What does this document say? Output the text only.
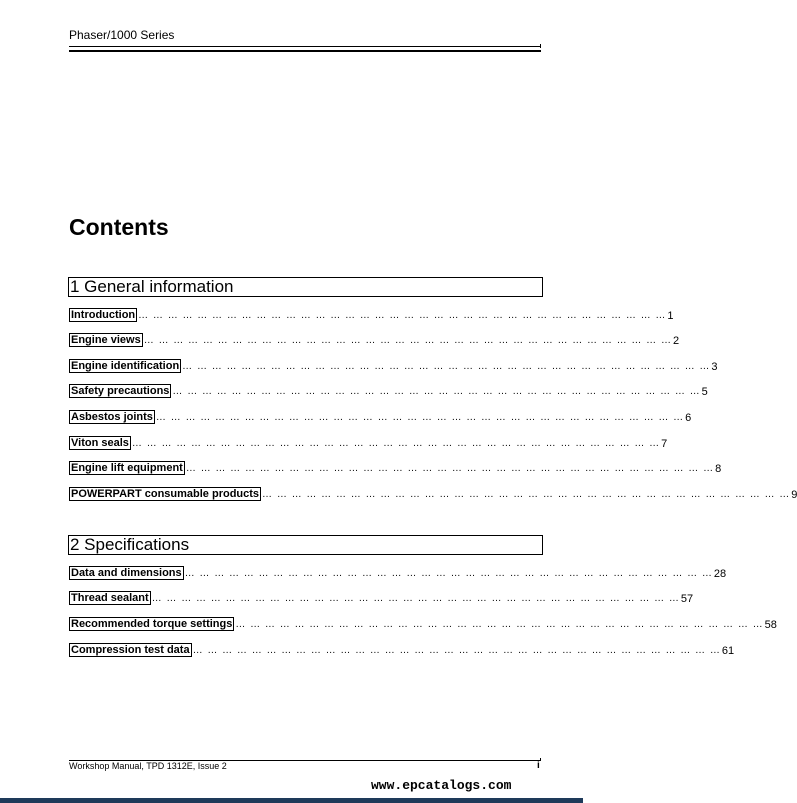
Phaser/1000 Series
Contents
1 General information
Introduction … … … … … … … … … … … … … … … … … … … … … … … … … … … … … … … … … … … … 1
Engine views … … … … … … … … … … … … … … … … … … … … … … … … … … … … … … … … … … … … 2
Engine identification … … … … … … … … … … … … … … … … … … … … … … … … … … … … … … … … … … … … 3
Safety precautions … … … … … … … … … … … … … … … … … … … … … … … … … … … … … … … … … … … … 5
Asbestos joints … … … … … … … … … … … … … … … … … … … … … … … … … … … … … … … … … … … … 6
Viton seals … … … … … … … … … … … … … … … … … … … … … … … … … … … … … … … … … … … … 7
Engine lift equipment … … … … … … … … … … … … … … … … … … … … … … … … … … … … … … … … … … … … 8
POWERPART consumable products … … … … … … … … … … … … … … … … … … … … … … … … … … … … … … … … … … … … 9
2 Specifications
Data and dimensions … … … … … … … … … … … … … … … … … … … … … … … … … … … … … … … … … … … … 28
Thread sealant … … … … … … … … … … … … … … … … … … … … … … … … … … … … … … … … … … … … 57
Recommended torque settings … … … … … … … … … … … … … … … … … … … … … … … … … … … … … … … … … … … … 58
Compression test data … … … … … … … … … … … … … … … … … … … … … … … … … … … … … … … … … … … … 61
Workshop Manual, TPD 1312E, Issue 2	i
www.epcatalogs.com
